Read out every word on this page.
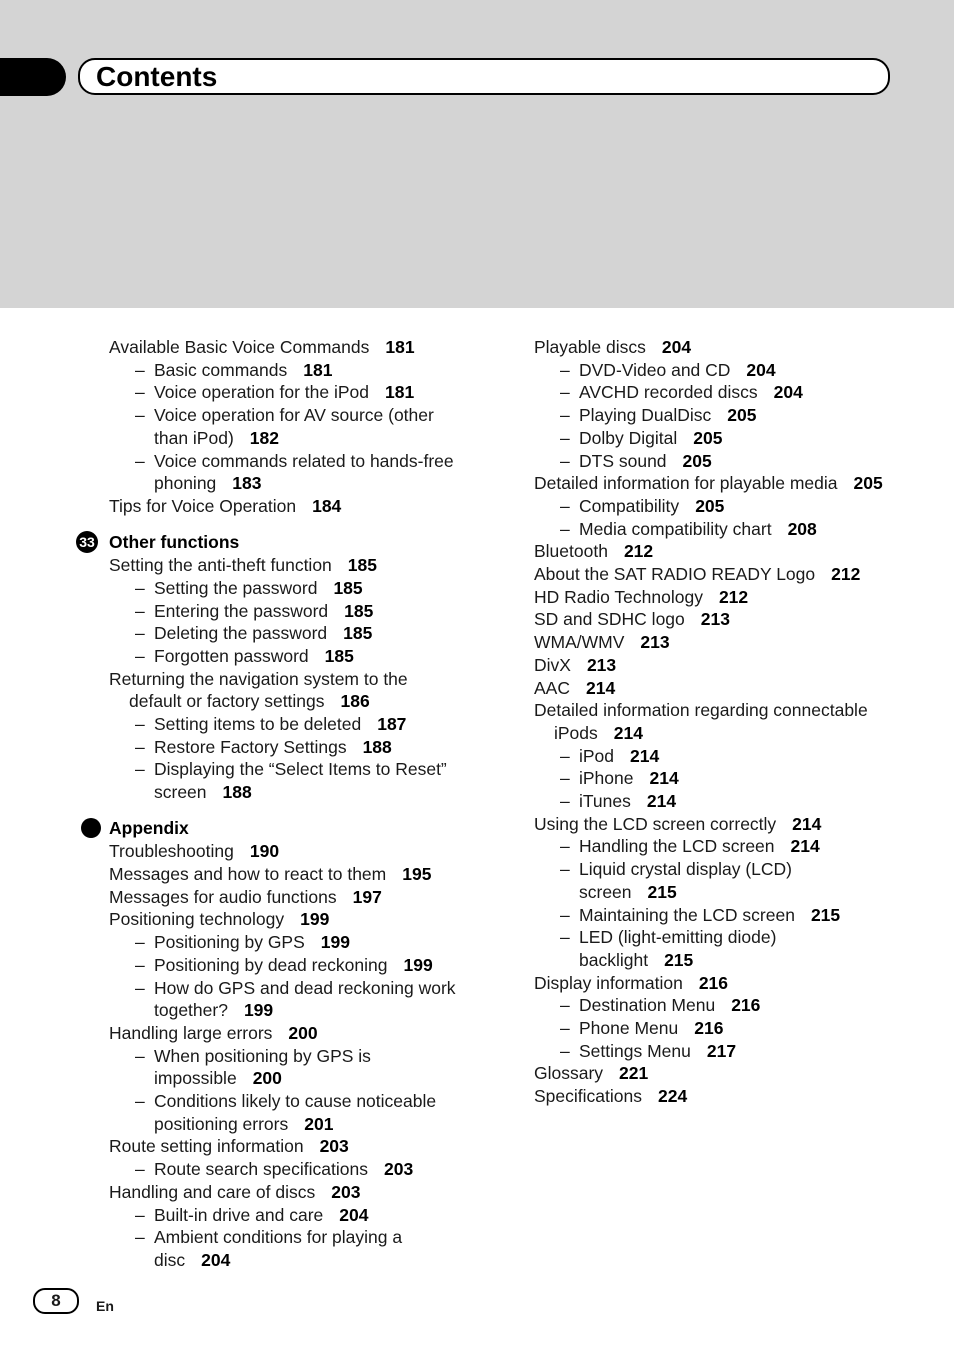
Contents
Available Basic Voice Commands 181
– Basic commands 181
– Voice operation for the iPod 181
– Voice operation for AV source (other
than iPod) 182
– Voice commands related to hands-free
phoning 183
Tips for Voice Operation 184
33 Other functions
Setting the anti-theft function 185
– Setting the password 185
– Entering the password 185
– Deleting the password 185
– Forgotten password 185
Returning the navigation system to the
default or factory settings 186
– Setting items to be deleted 187
– Restore Factory Settings 188
– Displaying the “Select Items to Reset”
screen 188
Appendix
Troubleshooting 190
Messages and how to react to them 195
Messages for audio functions 197
Positioning technology 199
– Positioning by GPS 199
– Positioning by dead reckoning 199
– How do GPS and dead reckoning work
together? 199
Handling large errors 200
– When positioning by GPS is
impossible 200
– Conditions likely to cause noticeable
positioning errors 201
Route setting information 203
– Route search specifications 203
Handling and care of discs 203
– Built-in drive and care 204
– Ambient conditions for playing a
disc 204
Playable discs 204
– DVD-Video and CD 204
– AVCHD recorded discs 204
– Playing DualDisc 205
– Dolby Digital 205
– DTS sound 205
Detailed information for playable media 205
– Compatibility 205
– Media compatibility chart 208
Bluetooth 212
About the SAT RADIO READY Logo 212
HD Radio Technology 212
SD and SDHC logo 213
WMA/WMV 213
DivX 213
AAC 214
Detailed information regarding connectable
iPods 214
– iPod 214
– iPhone 214
– iTunes 214
Using the LCD screen correctly 214
– Handling the LCD screen 214
– Liquid crystal display (LCD)
screen 215
– Maintaining the LCD screen 215
– LED (light-emitting diode)
backlight 215
Display information 216
– Destination Menu 216
– Phone Menu 216
– Settings Menu 217
Glossary 221
Specifications 224
8	En
